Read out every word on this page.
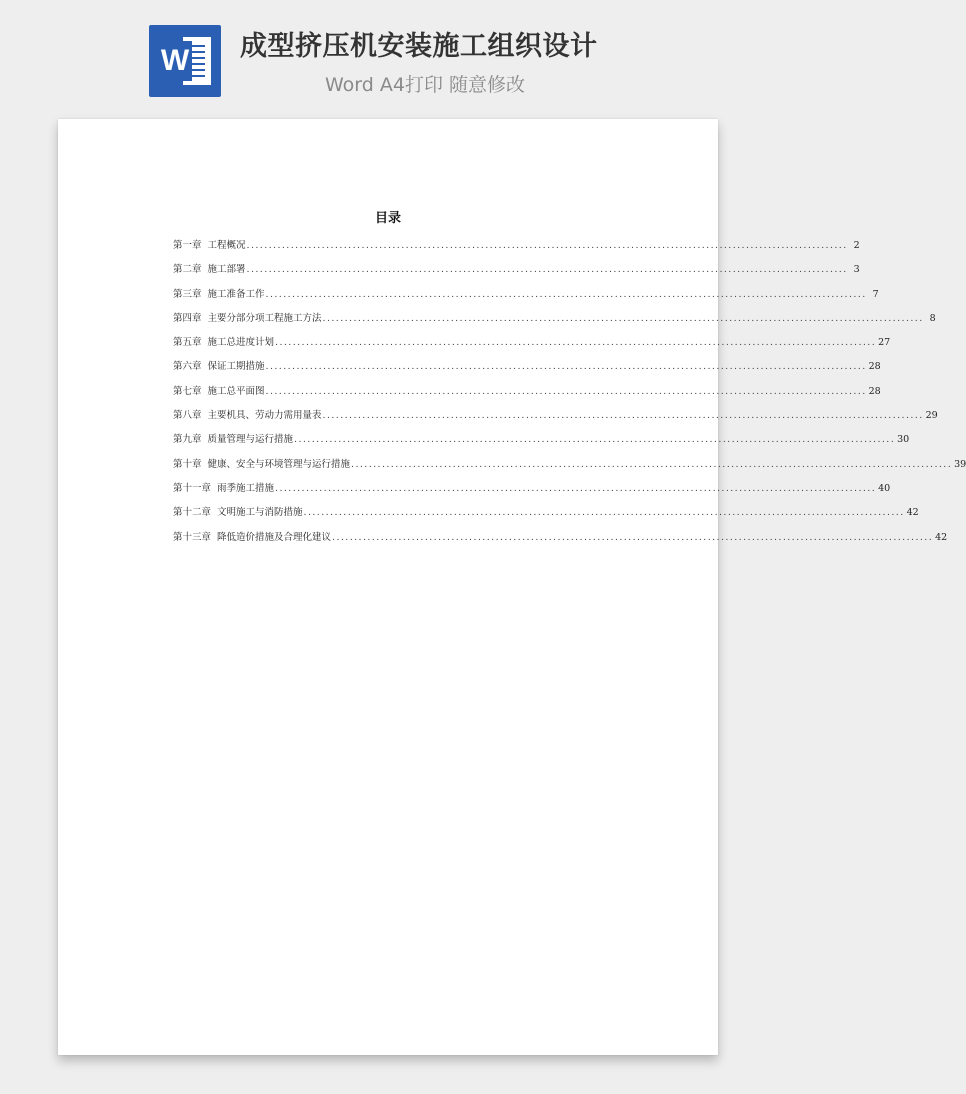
W 成型挤压机安装施工组织设计
Word A4打印 随意修改
目录
第一章 工程概况 ........................................................................................................................................ 2
第二章 施工部署 ........................................................................................................................................ 3
第三章 施工准备工作 ........................................................................................................................................ 7
第四章 主要分部分项工程施工方法 ........................................................................................................................................ 8
第五章 施工总进度计划 ........................................................................................................................................ 27
第六章 保证工期措施 ........................................................................................................................................ 28
第七章 施工总平面图 ........................................................................................................................................ 28
第八章 主要机具、劳动力需用量表 ........................................................................................................................................ 29
第九章 质量管理与运行措施 ........................................................................................................................................ 30
第十章 健康、安全与环境管理与运行措施 ........................................................................................................................................ 39
第十一章 雨季施工措施 ........................................................................................................................................ 40
第十二章 文明施工与消防措施 ........................................................................................................................................ 42
第十三章 降低造价措施及合理化建议 ........................................................................................................................................ 42
